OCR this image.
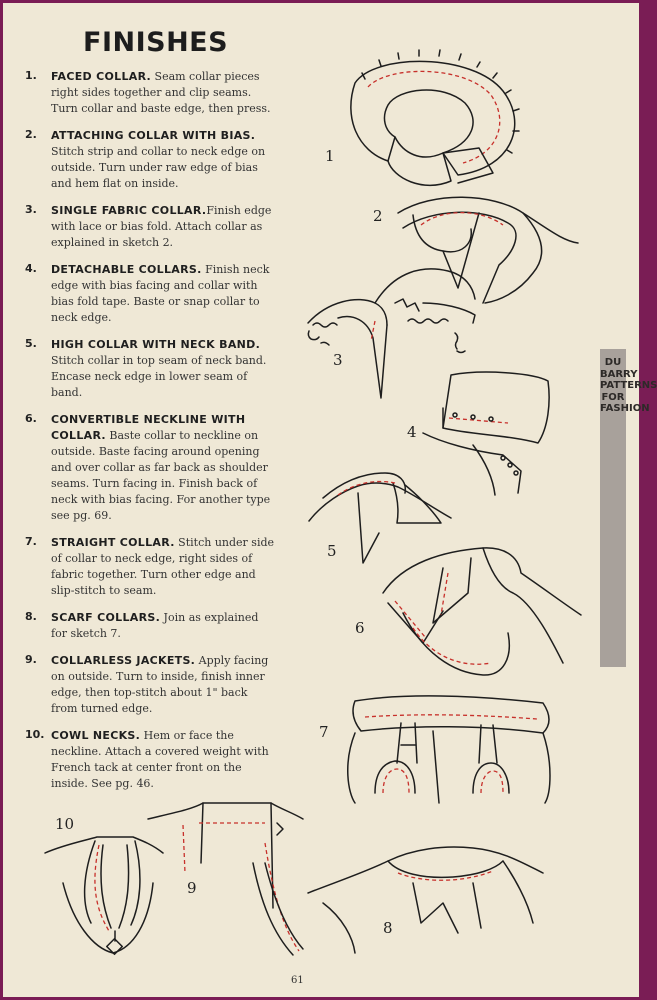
FINISHES
1.	FACED COLLAR. Seam collar pieces right sides together and clip seams. Turn collar and baste edge, then press.
2.	ATTACHING COLLAR WITH BIAS. Stitch strip and collar to neck edge on outside. Turn under raw edge of bias and hem flat on inside.
3.	SINGLE FABRIC COLLAR.Finish edge with lace or bias fold. Attach collar as explained in sketch 2.
4.	DETACHABLE COLLARS. Finish neck edge with bias facing and collar with bias fold tape. Baste or snap collar to neck edge.
5.	HIGH COLLAR WITH NECK BAND. Stitch collar in top seam of neck band. Encase neck edge in lower seam of band.
6.	CONVERTIBLE NECKLINE WITH COLLAR. Baste collar to neckline on outside. Baste facing around opening and over collar as far back as shoulder seams. Turn facing in. Finish back of neck with bias facing. For another type see pg. 69.
7.	STRAIGHT COLLAR. Stitch under side of collar to neck edge, right sides of fabric together. Turn other edge and slip-stitch to seam.
8.	SCARF COLLARS. Join as explained for sketch 7.
9.	COLLARLESS JACKETS. Apply facing on outside. Turn to inside, finish inner edge, then top-stitch about 1" back from turned edge.
10. COWL NECKS. Hem or face the neckline. Attach a covered weight with French tack at center front on the inside. See pg. 46.
1
2
3
4
5
6
7
8
9
10
DU
BARRY
PATTERNS
FOR
FASHION
61
